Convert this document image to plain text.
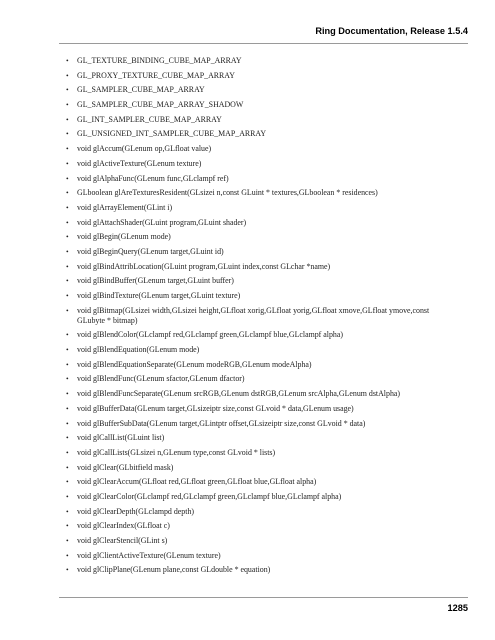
Ring Documentation, Release 1.5.4
• GL_TEXTURE_BINDING_CUBE_MAP_ARRAY
• GL_PROXY_TEXTURE_CUBE_MAP_ARRAY
• GL_SAMPLER_CUBE_MAP_ARRAY
• GL_SAMPLER_CUBE_MAP_ARRAY_SHADOW
• GL_INT_SAMPLER_CUBE_MAP_ARRAY
• GL_UNSIGNED_INT_SAMPLER_CUBE_MAP_ARRAY
• void glAccum(GLenum op,GLfloat value)
• void glActiveTexture(GLenum texture)
• void glAlphaFunc(GLenum func,GLclampf ref)
• GLboolean glAreTexturesResident(GLsizei n,const GLuint * textures,GLboolean * residences)
• void glArrayElement(GLint i)
• void glAttachShader(GLuint program,GLuint shader)
• void glBegin(GLenum mode)
• void glBeginQuery(GLenum target,GLuint id)
• void glBindAttribLocation(GLuint program,GLuint index,const GLchar *name)
• void glBindBuffer(GLenum target,GLuint buffer)
• void glBindTexture(GLenum target,GLuint texture)
• void glBitmap(GLsizei width,GLsizei height,GLfloat xorig,GLfloat yorig,GLfloat xmove,GLfloat ymove,const GLubyte * bitmap)
• void glBlendColor(GLclampf red,GLclampf green,GLclampf blue,GLclampf alpha)
• void glBlendEquation(GLenum mode)
• void glBlendEquationSeparate(GLenum modeRGB,GLenum modeAlpha)
• void glBlendFunc(GLenum sfactor,GLenum dfactor)
• void glBlendFuncSeparate(GLenum srcRGB,GLenum dstRGB,GLenum srcAlpha,GLenum dstAlpha)
• void glBufferData(GLenum target,GLsizeiptr size,const GLvoid * data,GLenum usage)
• void glBufferSubData(GLenum target,GLintptr offset,GLsizeiptr size,const GLvoid * data)
• void glCallList(GLuint list)
• void glCallLists(GLsizei n,GLenum type,const GLvoid * lists)
• void glClear(GLbitfield mask)
• void glClearAccum(GLfloat red,GLfloat green,GLfloat blue,GLfloat alpha)
• void glClearColor(GLclampf red,GLclampf green,GLclampf blue,GLclampf alpha)
• void glClearDepth(GLclampd depth)
• void glClearIndex(GLfloat c)
• void glClearStencil(GLint s)
• void glClientActiveTexture(GLenum texture)
• void glClipPlane(GLenum plane,const GLdouble * equation)
1285
